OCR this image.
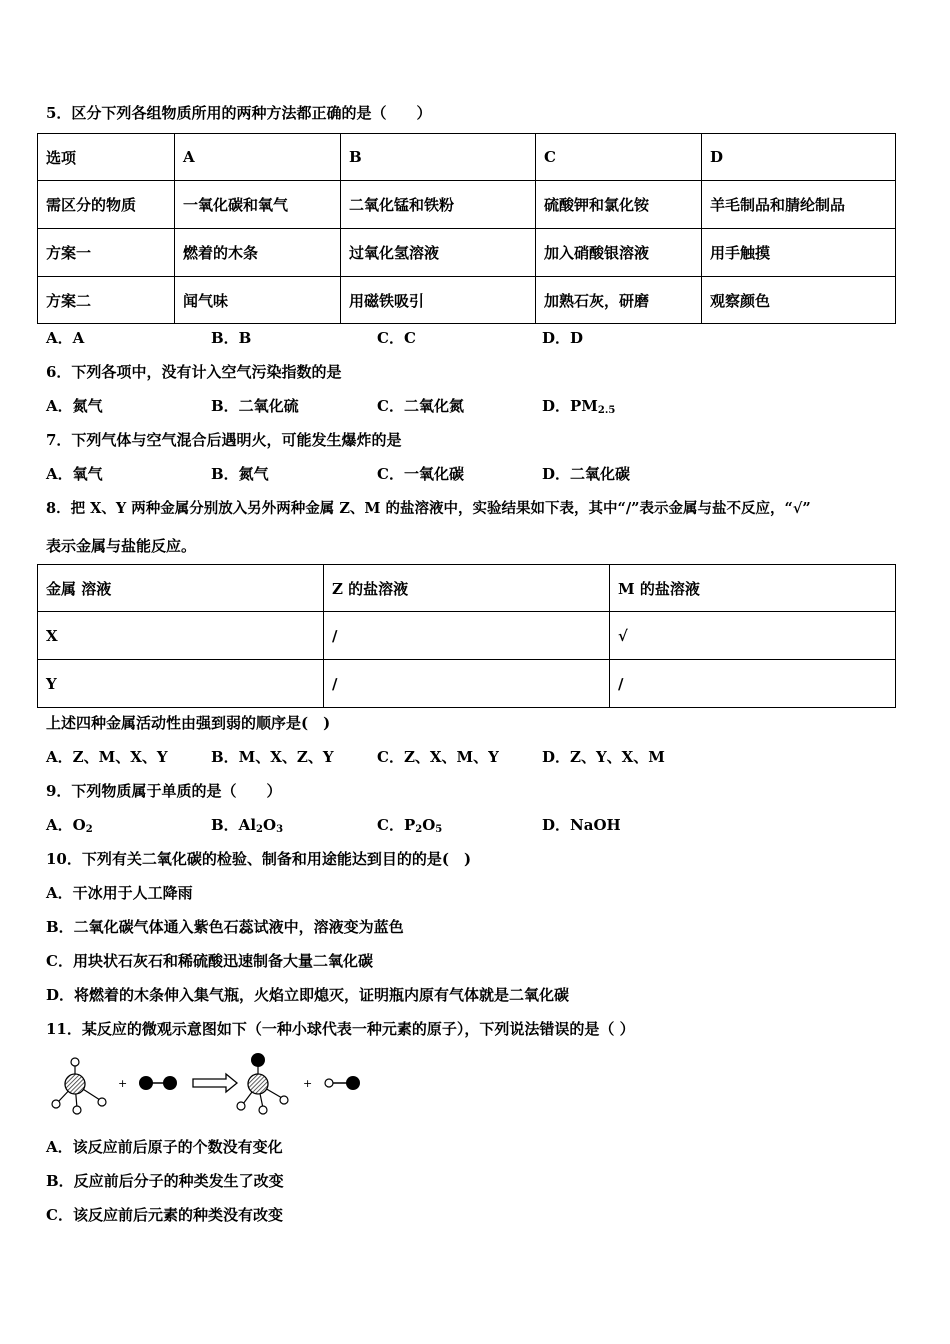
5．区分下列各组物质所用的两种方法都正确的是（　　）
选项	A	B	C	D
需区分的物质	一氧化碳和氧气	二氧化锰和铁粉	硫酸钾和氯化铵	羊毛制品和腈纶制品
方案一	燃着的木条	过氧化氢溶液	加入硝酸银溶液	用手触摸
方案二	闻气味	用磁铁吸引	加熟石灰，研磨	观察颜色
A．A	B．B	C．C	D．D
6．下列各项中，没有计入空气污染指数的是
A．氮气	B．二氧化硫	C．二氧化氮	D．$PM_{2.5}$
7．下列气体与空气混合后遇明火，可能发生爆炸的是
A．氧气	B．氮气	C．一氧化碳	D．二氧化碳
8．把 X、Y 两种金属分别放入另外两种金属 Z、M 的盐溶液中，实验结果如下表，其中“/”表示金属与盐不反应，“√”
表示金属与盐能反应。
金属 溶液	Z 的盐溶液	M 的盐溶液
X	∕	√
Y	∕	∕
上述四种金属活动性由强到弱的顺序是(　)
A．Z、M、X、Y	B．M、X、Z、Y	C．Z、X、M、Y	D．Z、Y、X、M
9．下列物质属于单质的是（　　）
A．$O_2$	B．$Al_2O_3$	C．$P_2O_5$	D．NaOH
10．下列有关二氧化碳的检验、制备和用途能达到目的的是(　)
A．干冰用于人工降雨
B．二氧化碳气体通入紫色石蕊试液中，溶液变为蓝色
C．用块状石灰石和稀硫酸迅速制备大量二氧化碳
D．将燃着的木条伸入集气瓶，火焰立即熄灭，证明瓶内原有气体就是二氧化碳
11．某反应的微观示意图如下（一种小球代表一种元素的原子），下列说法错误的是（ ）
+	+
A．该反应前后原子的个数没有变化
B．反应前后分子的种类发生了改变
C．该反应前后元素的种类没有改变
